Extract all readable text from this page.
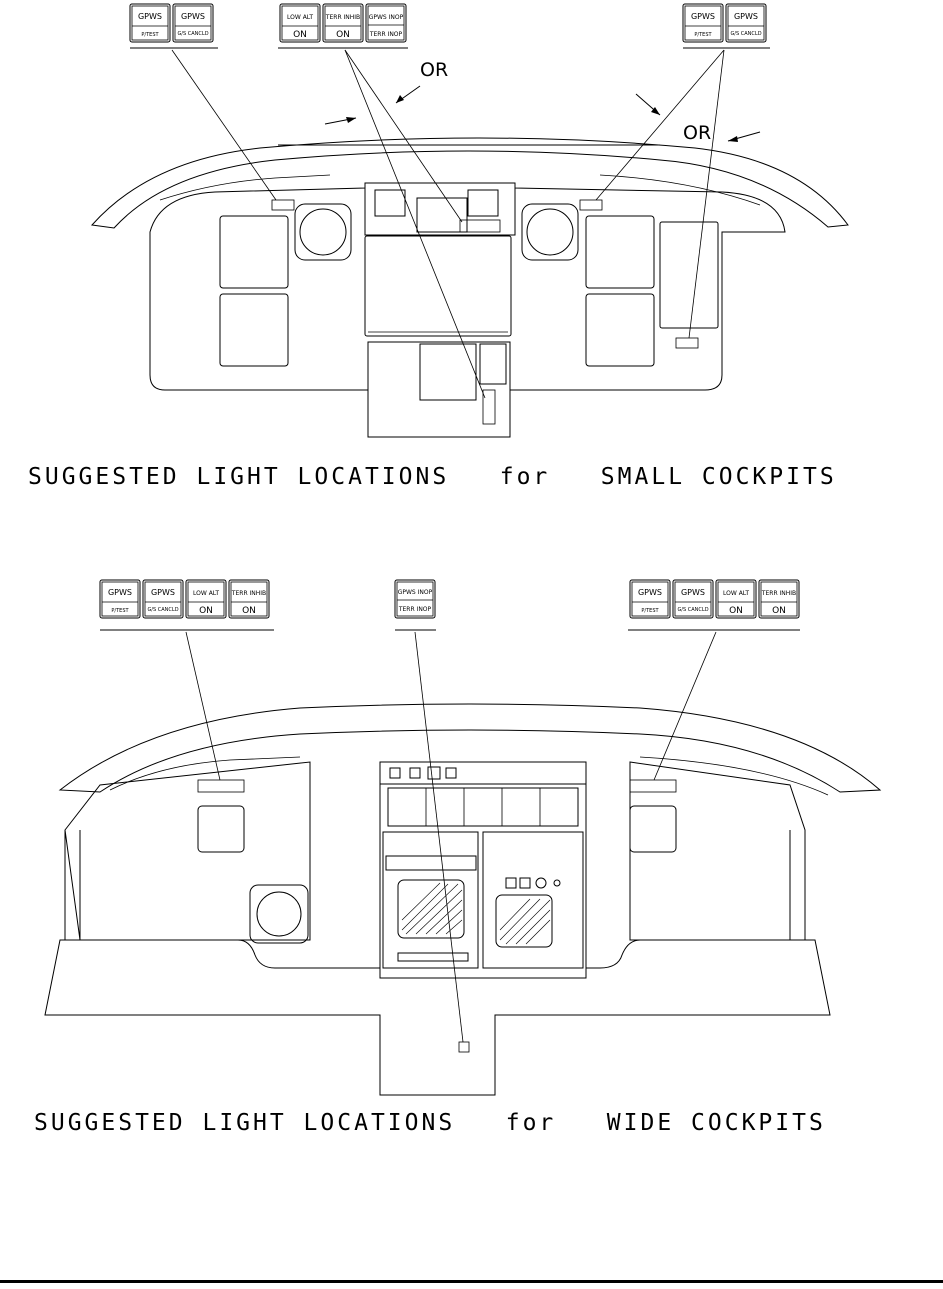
GPWS
P/TEST
GPWS
G/S CANCLD
LOW ALT
ON
TERR INHIB
ON
GPWS INOP
TERR INOP
GPWS
P/TEST
GPWS
G/S CANCLD
OR
OR
SUGGESTED LIGHT LOCATIONS   for   SMALL COCKPITS
GPWS
P/TEST
GPWS
G/S CANCLD
LOW ALT
ON
TERR INHIB
ON
GPWS INOP
TERR INOP
GPWS
P/TEST
GPWS
G/S CANCLD
LOW ALT
ON
TERR INHIB
ON
SUGGESTED LIGHT LOCATIONS   for   WIDE COCKPITS
